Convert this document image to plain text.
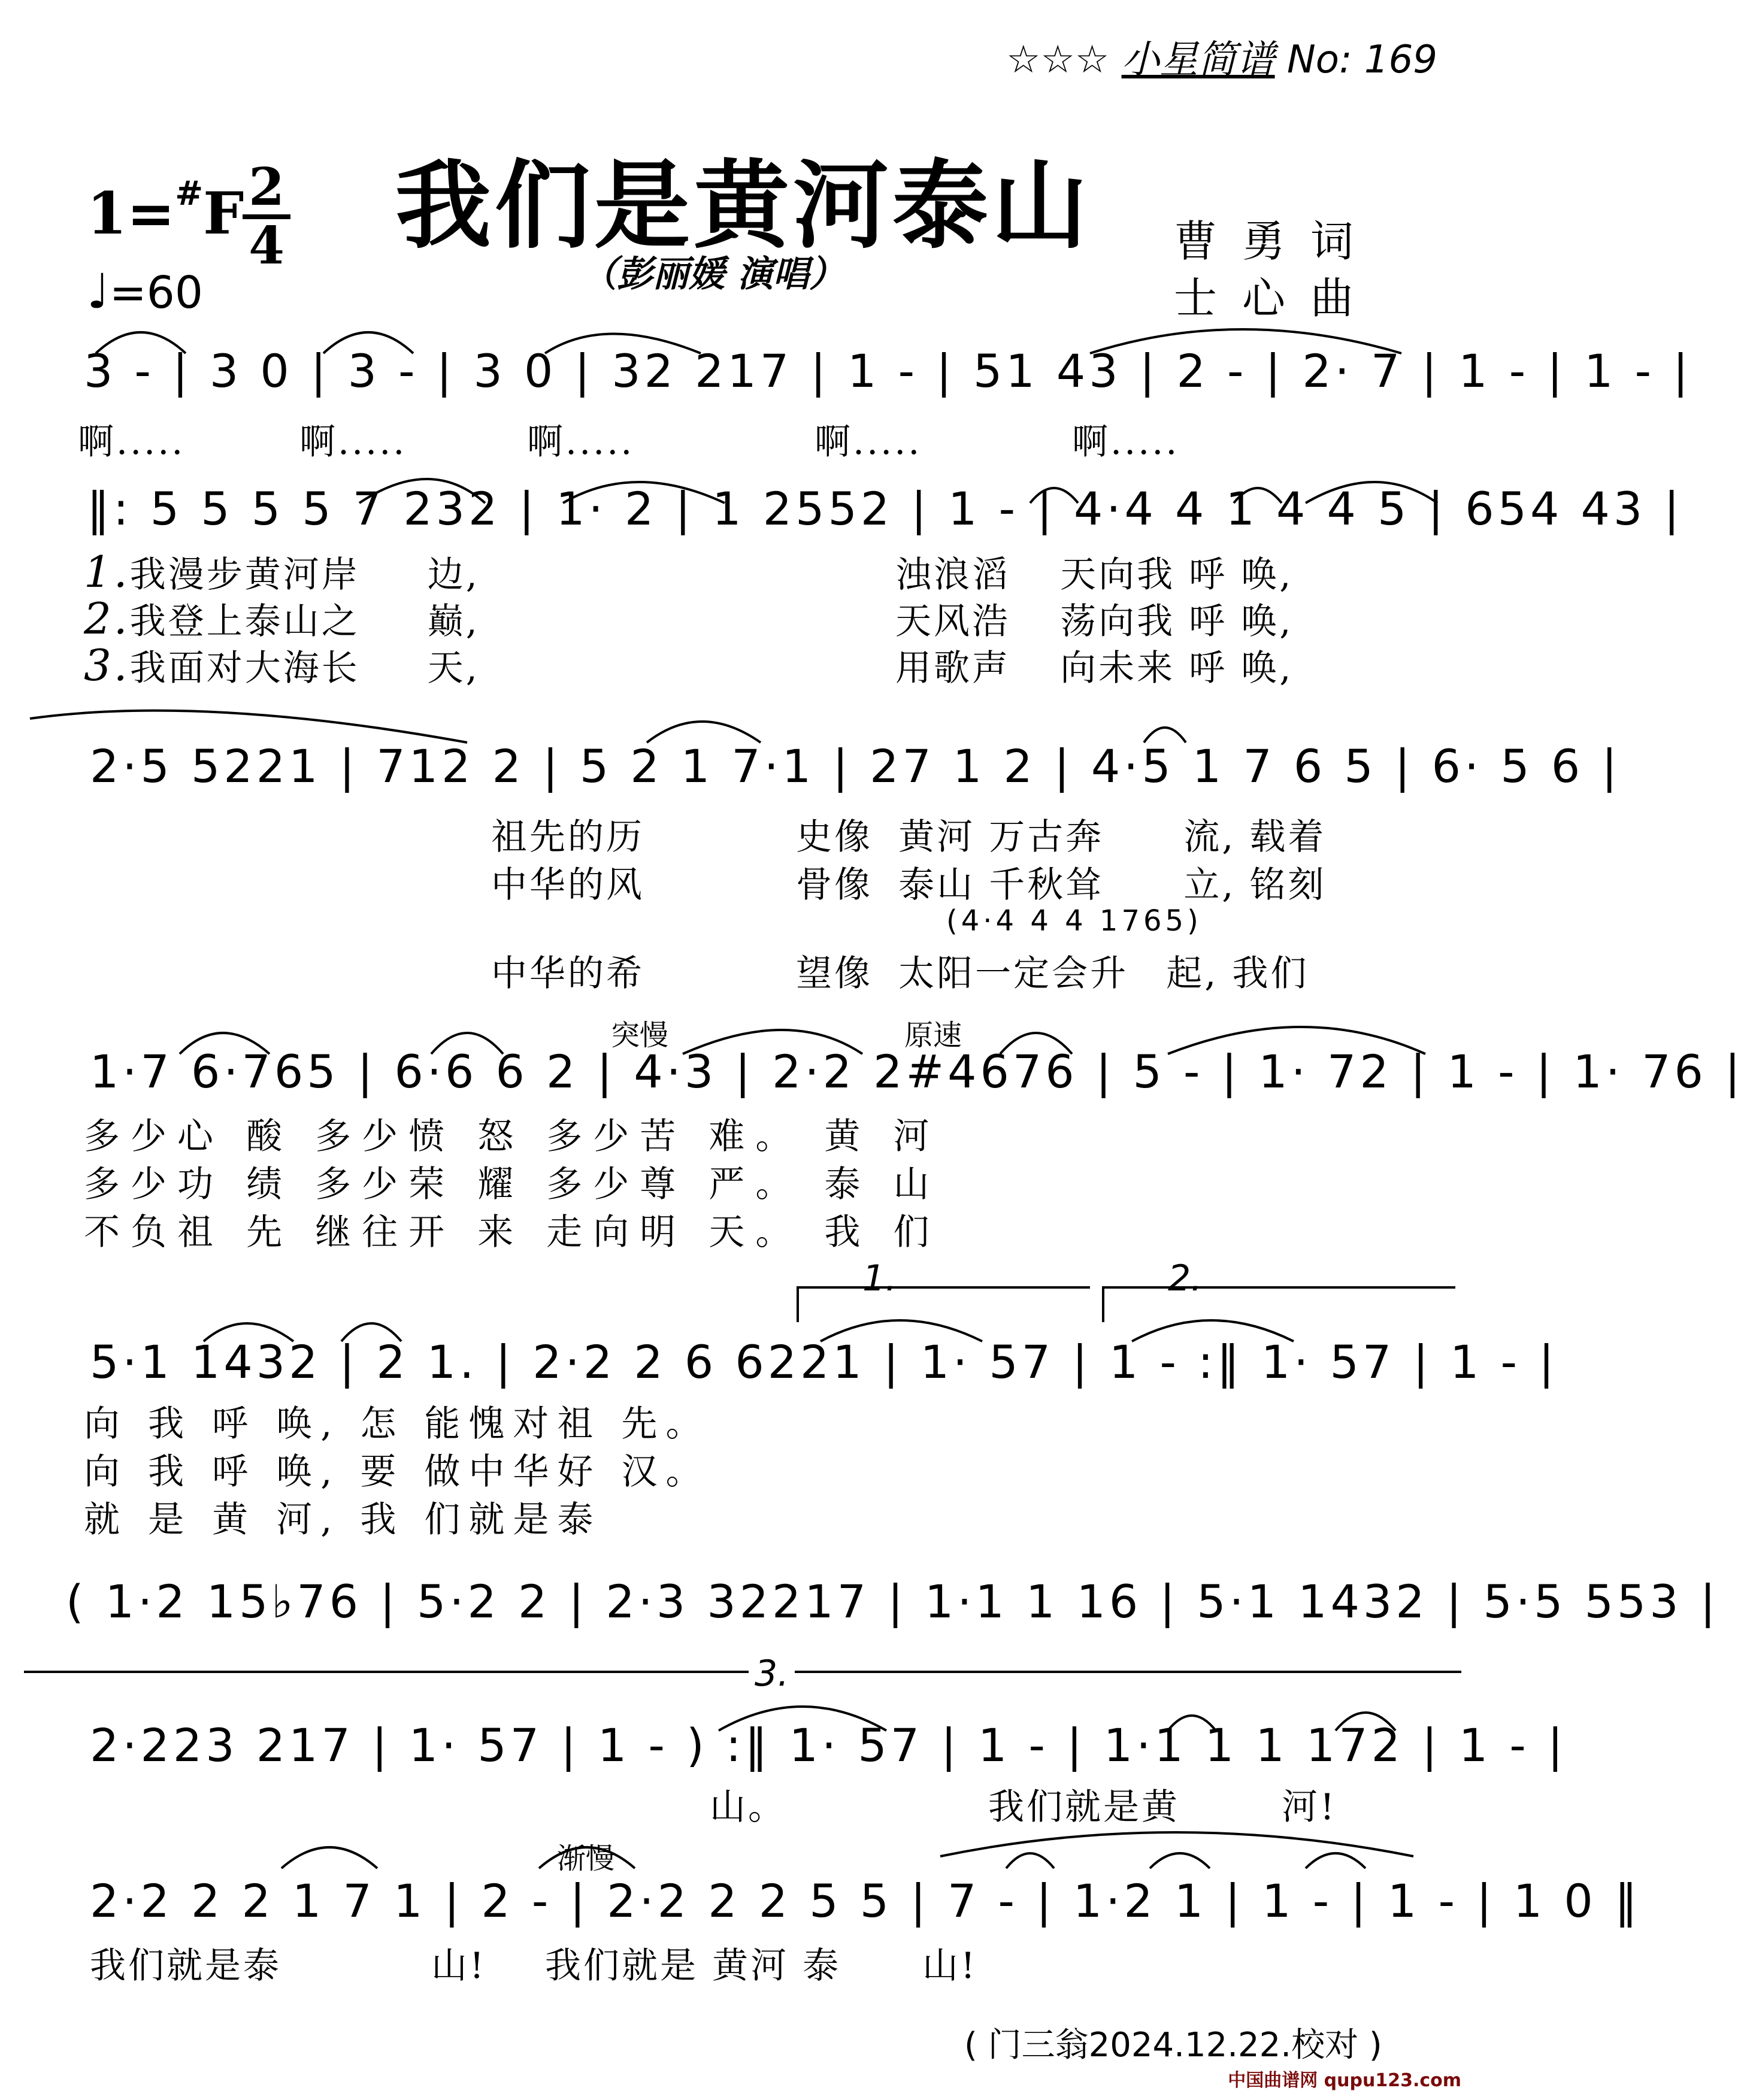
☆☆☆ 小星简谱 No: 169
我们是黄河泰山
1=#F 2
4
♩=60	（彭丽媛 演唱）
曹勇词
士心曲
3 - | 3 0 | 3 - | 3 0 | 32 217 | 1 - | 51 43 | 2 - | 2· 7 | 1 - | 1 - |
啊.....	啊.....	啊.....	啊.....	啊.....
‖: 5 5 5 5 7 232 | 1· 2 | 1 2552 | 1 - | 4·4 4 1 4 4 5 | 654 43 |
1.我漫步黄河岸 边,	浊浪滔 天向我 呼 唤,
2.我登上泰山之 巅,	天风浩 荡向我 呼 唤,
3.我面对大海长 天,	用歌声 向未来 呼 唤,
2·5 5221 | 712 2 | 5 2 1 7·1 | 27 1 2 | 4·5 1 7 6 5 | 6· 5 6 |
祖先的历	史像 黄河 万古奔 流, 载着
中华的风	骨像 泰山 千秋耸 立, 铭刻
(4·4 4 4 1765)
中华的希	望像 太阳一定会升 起, 我们
突慢	原速
1·7 6·765 | 6·6 6 2 | 4·3 | 2·2 2#4676 | 5 - | 1· 72 | 1 - | 1· 76 |
多少心 酸 多少愤 怒 多少苦 难。 黄 河
多少功 绩 多少荣 耀 多少尊 严。 泰 山
不负祖 先 继往开 来 走向明 天。 我 们
1.	2.
5·1 1432 | 2 1. | 2·2 2 6 6221 | 1· 57 | 1 - :‖ 1· 57 | 1 - |
向 我 呼 唤, 怎 能愧对祖 先。
向 我 呼 唤, 要 做中华好 汉。
就 是 黄 河, 我 们就是泰
( 1·2 15♭76 | 5·2 2 | 2·3 32217 | 1·1 1 16 | 5·1 1432 | 5·5 553 |
3.
2·223 217 | 1· 57 | 1 - ) :‖ 1· 57 | 1 - | 1·1 1 1 172 | 1 - |
山。	我们就是黄	河!
渐慢
2·2 2 2 1 7 1 | 2 - | 2·2 2 2 5 5 | 7 - | 1·2 1 | 1 - | 1 - | 1 0 ‖
我们就是泰	山! 我们就是 黄河 泰 山!
( 门三翁2024.12.22.校对 )
中国曲谱网 qupu123.com
